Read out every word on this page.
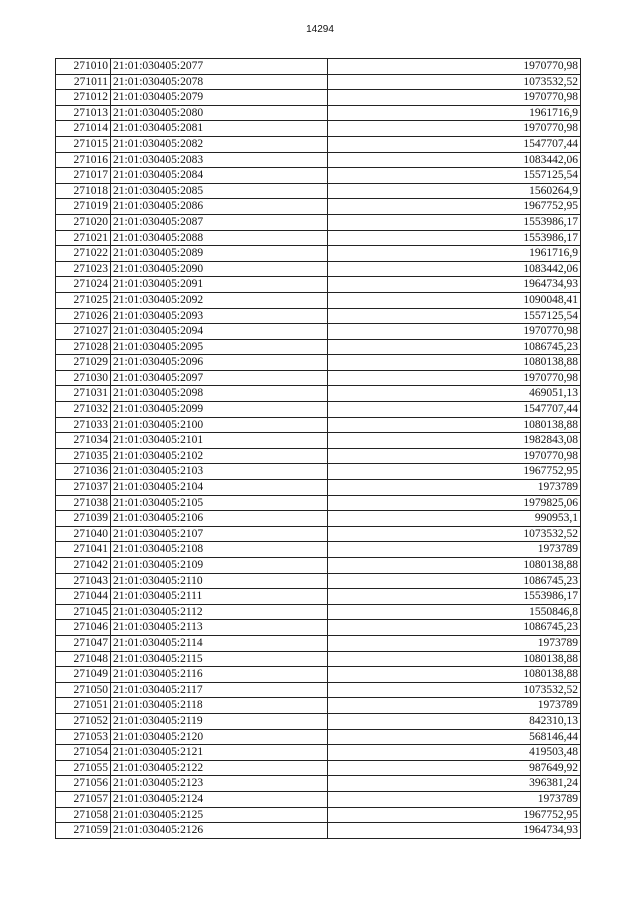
14294
271010	21:01:030405:2077	1970770,98
271011	21:01:030405:2078	1073532,52
271012	21:01:030405:2079	1970770,98
271013	21:01:030405:2080	1961716,9
271014	21:01:030405:2081	1970770,98
271015	21:01:030405:2082	1547707,44
271016	21:01:030405:2083	1083442,06
271017	21:01:030405:2084	1557125,54
271018	21:01:030405:2085	1560264,9
271019	21:01:030405:2086	1967752,95
271020	21:01:030405:2087	1553986,17
271021	21:01:030405:2088	1553986,17
271022	21:01:030405:2089	1961716,9
271023	21:01:030405:2090	1083442,06
271024	21:01:030405:2091	1964734,93
271025	21:01:030405:2092	1090048,41
271026	21:01:030405:2093	1557125,54
271027	21:01:030405:2094	1970770,98
271028	21:01:030405:2095	1086745,23
271029	21:01:030405:2096	1080138,88
271030	21:01:030405:2097	1970770,98
271031	21:01:030405:2098	469051,13
271032	21:01:030405:2099	1547707,44
271033	21:01:030405:2100	1080138,88
271034	21:01:030405:2101	1982843,08
271035	21:01:030405:2102	1970770,98
271036	21:01:030405:2103	1967752,95
271037	21:01:030405:2104	1973789
271038	21:01:030405:2105	1979825,06
271039	21:01:030405:2106	990953,1
271040	21:01:030405:2107	1073532,52
271041	21:01:030405:2108	1973789
271042	21:01:030405:2109	1080138,88
271043	21:01:030405:2110	1086745,23
271044	21:01:030405:2111	1553986,17
271045	21:01:030405:2112	1550846,8
271046	21:01:030405:2113	1086745,23
271047	21:01:030405:2114	1973789
271048	21:01:030405:2115	1080138,88
271049	21:01:030405:2116	1080138,88
271050	21:01:030405:2117	1073532,52
271051	21:01:030405:2118	1973789
271052	21:01:030405:2119	842310,13
271053	21:01:030405:2120	568146,44
271054	21:01:030405:2121	419503,48
271055	21:01:030405:2122	987649,92
271056	21:01:030405:2123	396381,24
271057	21:01:030405:2124	1973789
271058	21:01:030405:2125	1967752,95
271059	21:01:030405:2126	1964734,93
